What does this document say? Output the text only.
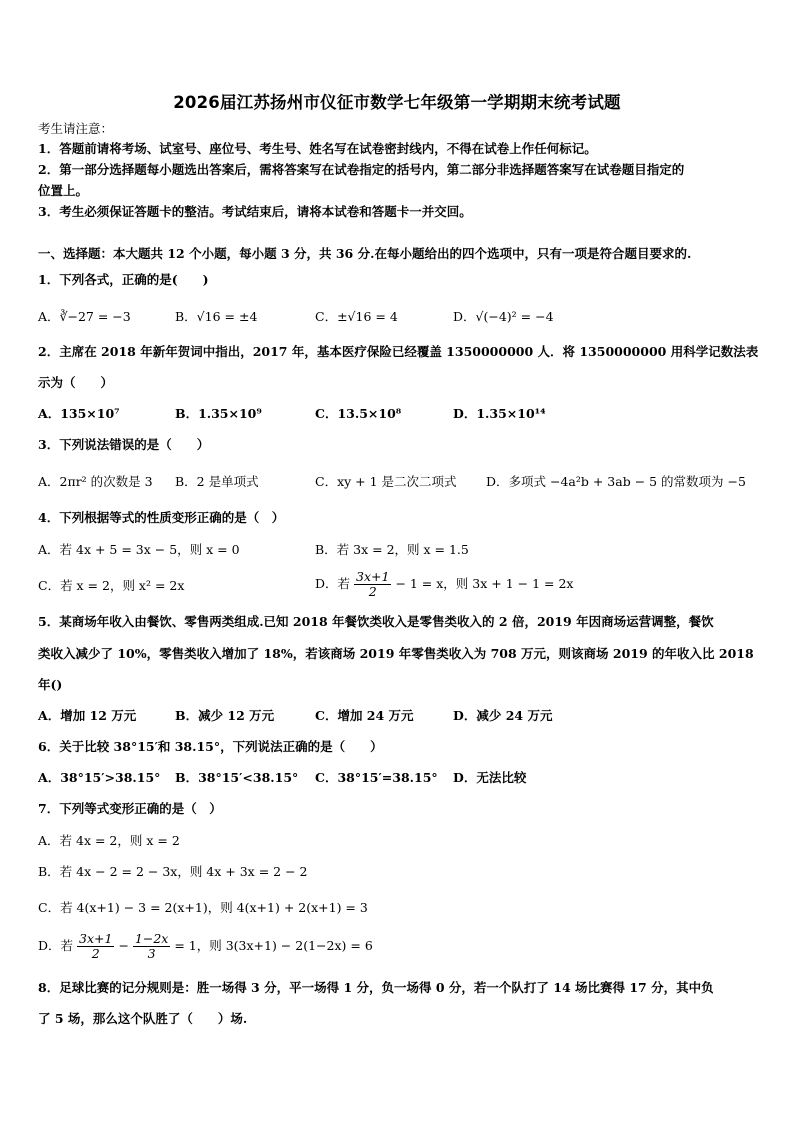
2026届江苏扬州市仪征市数学七年级第一学期期末统考试题
考生请注意：
1．答题前请将考场、试室号、座位号、考生号、姓名写在试卷密封线内，不得在试卷上作任何标记。
2．第一部分选择题每小题选出答案后，需将答案写在试卷指定的括号内，第二部分非选择题答案写在试卷题目指定的
位置上。
3．考生必须保证答题卡的整洁。考试结束后，请将本试卷和答题卡一并交回。
一、选择题：本大题共 12 个小题，每小题 3 分，共 36 分.在每小题给出的四个选项中，只有一项是符合题目要求的.
1．下列各式，正确的是(　　)
A．∛−27 = −3	B．√16 = ±4	C．±√16 = 4	D．√(−4)² = −4
2．主席在 2018 年新年贺词中指出，2017 年，基本医疗保险已经覆盖 1350000000 人．将 1350000000 用科学记数法表
示为（　　）
A．135×10⁷	B．1.35×10⁹	C．13.5×10⁸	D．1.35×10¹⁴
3．下列说法错误的是（　　）
A．2πr² 的次数是 3 B．2 是单项式	C．xy + 1 是二次二项式 D．多项式 −4a²b + 3ab − 5 的常数项为 −5
4．下列根据等式的性质变形正确的是（　）
A．若 4x + 5 = 3x − 5，则 x = 0	B．若 3x = 2，则 x = 1.5
C．若 x = 2，则 x² = 2x	D．若 $\frac{3x+1}{2} - 1 = x$，则 3x + 1 − 1 = 2x
5．某商场年收入由餐饮、零售两类组成.已知 2018 年餐饮类收入是零售类收入的 2 倍，2019 年因商场运营调整，餐饮
类收入减少了 10%，零售类收入增加了 18%，若该商场 2019 年零售类收入为 708 万元，则该商场 2019 的年收入比 2018
年()
A．增加 12 万元	B．减少 12 万元	C．增加 24 万元	D．减少 24 万元
6．关于比较 38°15′和 38.15°，下列说法正确的是（　　）
A．38°15′>38.15° B．38°15′<38.15° C．38°15′=38.15° D．无法比较
7．下列等式变形正确的是（　）
A．若 4x = 2，则 x = 2
B．若 4x − 2 = 2 − 3x，则 4x + 3x = 2 − 2
C．若 4(x+1) − 3 = 2(x+1)，则 4(x+1) + 2(x+1) = 3
D．若 $\frac{3x+1}{2} - \frac{1-2x}{3} = 1$，则 3(3x+1) − 2(1−2x) = 6
8．足球比赛的记分规则是：胜一场得 3 分，平一场得 1 分，负一场得 0 分，若一个队打了 14 场比赛得 17 分，其中负
了 5 场，那么这个队胜了（　　）场.
